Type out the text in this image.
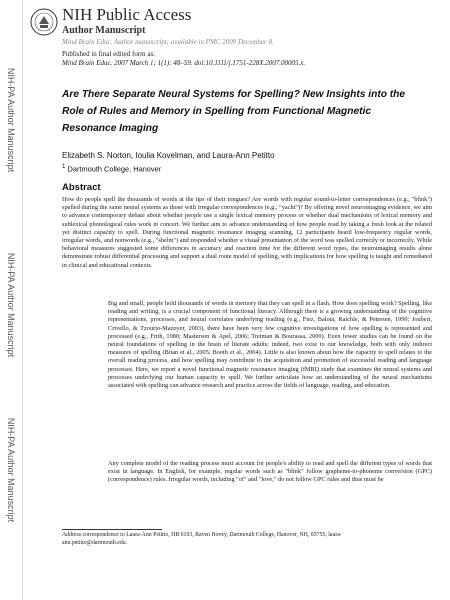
NIH-PA Author Manuscript
NIH-PA Author Manuscript
NIH-PA Author Manuscript
NIH Public Access
Author Manuscript
Mind Brain Educ. Author manuscript; available in PMC 2009 December 8.
Published in final edited form as:
Mind Brain Educ. 2007 March 1; 1(1): 48–59. doi:10.1111/j.1751-228X.2007.00005.x.
Are There Separate Neural Systems for Spelling? New Insights into the Role of Rules and Memory in Spelling from Functional Magnetic Resonance Imaging
Elizabeth S. Norton, Ioulia Kovelman, and Laura-Ann Petitto
$^1$ Dartmouth College, Hanover
Abstract
How do people spell the thousands of words at the tips of their tongues? Are words with regular sound-to-letter correspondences (e.g., "blink") spelled during the same neural systems as those with irregular correspondences (e.g., "yacht")? By offering novel neuroimaging evidence, we aim to advance contemporary debate about whether people use a single lexical memory process or whether dual mechanisms of lexical memory and sublexical phonological rules work in concert. We further aim to advance understanding of how people read by taking a fresh look at the related yet distinct capacity to spell. During functional magnetic resonance imaging scanning, 12 participants heard low-frequency regular words, irregular words, and nonwords (e.g., "shelm") and responded whether a visual presentation of the word was spelled correctly or incorrectly. While behavioral measures suggested some differences in accuracy and reaction time for the different word types, the neuroimaging results alone demonstrate robust differential processing and support a dual route model of spelling, with implications for how spelling is taught and remediated in clinical and educational contexts.
Big and small, people hold thousands of words in memory that they can spell in a flash. How does spelling work? Spelling, like reading and writing, is a crucial component of functional literacy. Although there is a growing understanding of the cognitive representations, processes, and neural correlates underlying reading (e.g., Fiez, Balota, Raichle, & Petersen, 1999; Joubert, Crivello, & Tzourio-Mazoyer, 2003), there have been very few cognitive investigations of how spelling is represented and processed (e.g., Frith, 1980; Masterson & Apel, 2006; Treiman & Bourassa, 2000). Even fewer studies can be found on the neural foundations of spelling in the brain of literate adults; indeed, two exist to our knowledge, both with only indirect measures of spelling (Bitan et al., 2005; Booth et al., 2004). Little is also known about how the capacity to spell relates to the overall reading process, and how spelling may contribute to the acquisition and promotion of successful reading and language processes. Here, we report a novel functional magnetic resonance imaging (fMRI) study that examines the neural systems and processes underlying our human capacity to spell. We further articulate how an understanding of the neural mechanisms associated with spelling can advance research and practice across the fields of language, reading, and education.
Any complete model of the reading process must account for people's ability to read and spell the different types of words that exist in language. In English, for example, regular words such as "blink" follow grapheme-to-phoneme conversion (GPC) (correspondence) rules. Irregular words, including "of" and "love," do not follow GPC rules and thus must be
Address correspondence to Laura-Ann Petitto, HB 6103, Raven Hovey, Dartmouth College, Hanover, NH, 03755; laura-ann.petitto@dartmouth.edu.
